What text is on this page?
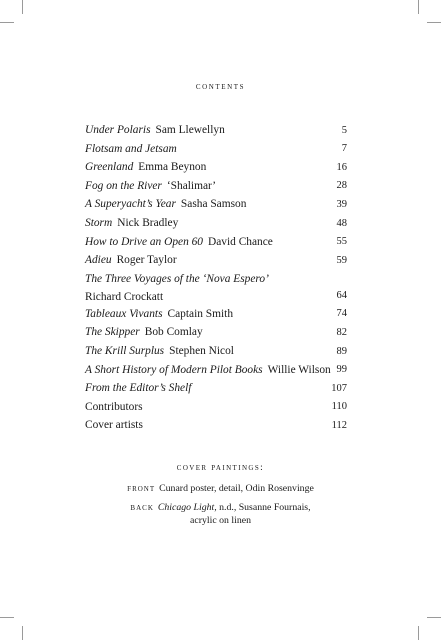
contents
Under Polaris Sam Llewellyn	5
Flotsam and Jetsam	7
Greenland Emma Beynon	16
Fog on the River ‘Shalimar’	28
A Superyacht’s Year Sasha Samson	39
Storm Nick Bradley	48
How to Drive an Open 60 David Chance	55
Adieu Roger Taylor	59
The Three Voyages of the ‘Nova Espero’
Richard Crockatt	64
Tableaux Vivants Captain Smith	74
The Skipper Bob Comlay	82
The Krill Surplus Stephen Nicol	89
A Short History of Modern Pilot Books Willie Wilson 99
From the Editor’s Shelf	107
Contributors	110
Cover artists	112
cover paintings:
front Cunard poster, detail, Odin Rosenvinge
back Chicago Light, n.d., Susanne Fournais,
acrylic on linen
